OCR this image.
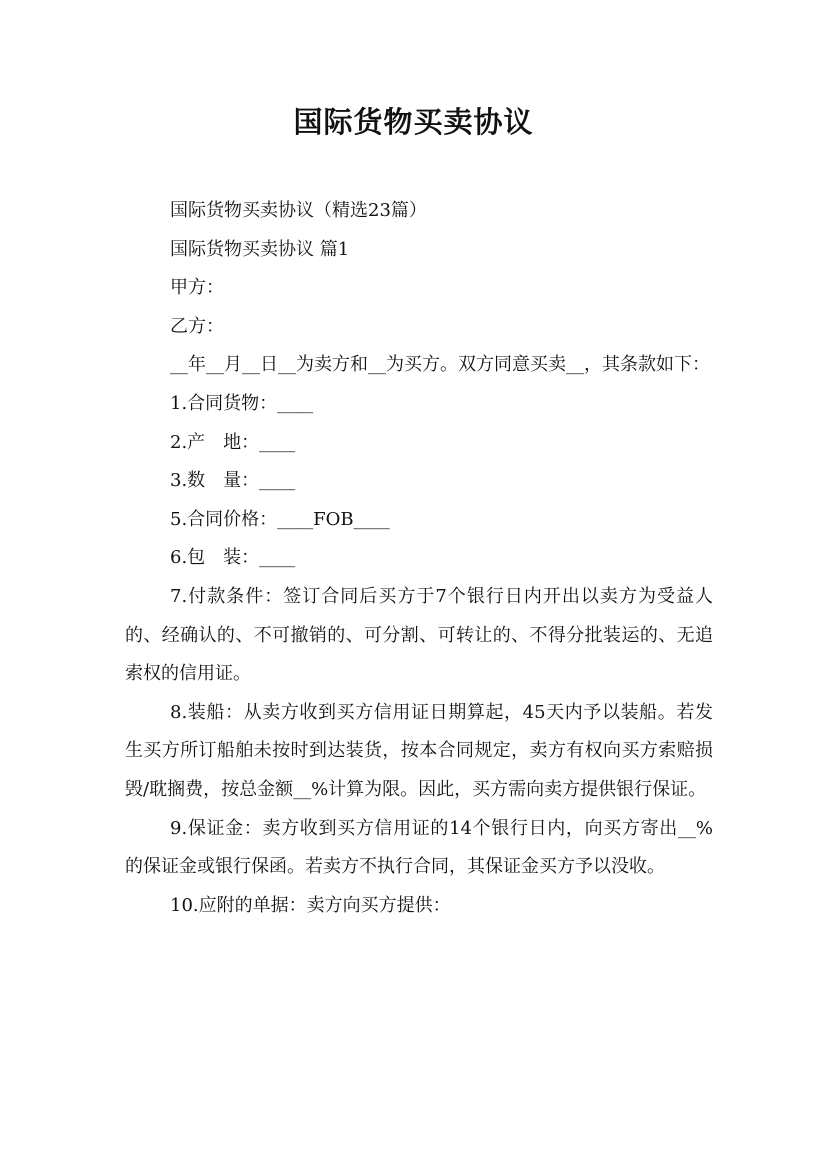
国际货物买卖协议

国际货物买卖协议（精选23篇）

国际货物买卖协议 篇1

甲方：

乙方：

__年__月__日__为卖方和__为买方。双方同意买卖__，其条款如下：

1.合同货物：____

2.产　地：____

3.数　量：____

5.合同价格：____FOB____

6.包　装：____

7.付款条件：签订合同后买方于7个银行日内开出以卖方为受益人的、经确认的、不可撤销的、可分割、可转让的、不得分批装运的、无追索权的信用证。

8.装船：从卖方收到买方信用证日期算起，45天内予以装船。若发生买方所订船舶未按时到达装货，按本合同规定，卖方有权向买方索赔损毁/耽搁费，按总金额__%计算为限。因此，买方需向卖方提供银行保证。

9.保证金：卖方收到买方信用证的14个银行日内，向买方寄出__%的保证金或银行保函。若卖方不执行合同，其保证金买方予以没收。

10.应附的单据：卖方向买方提供：
